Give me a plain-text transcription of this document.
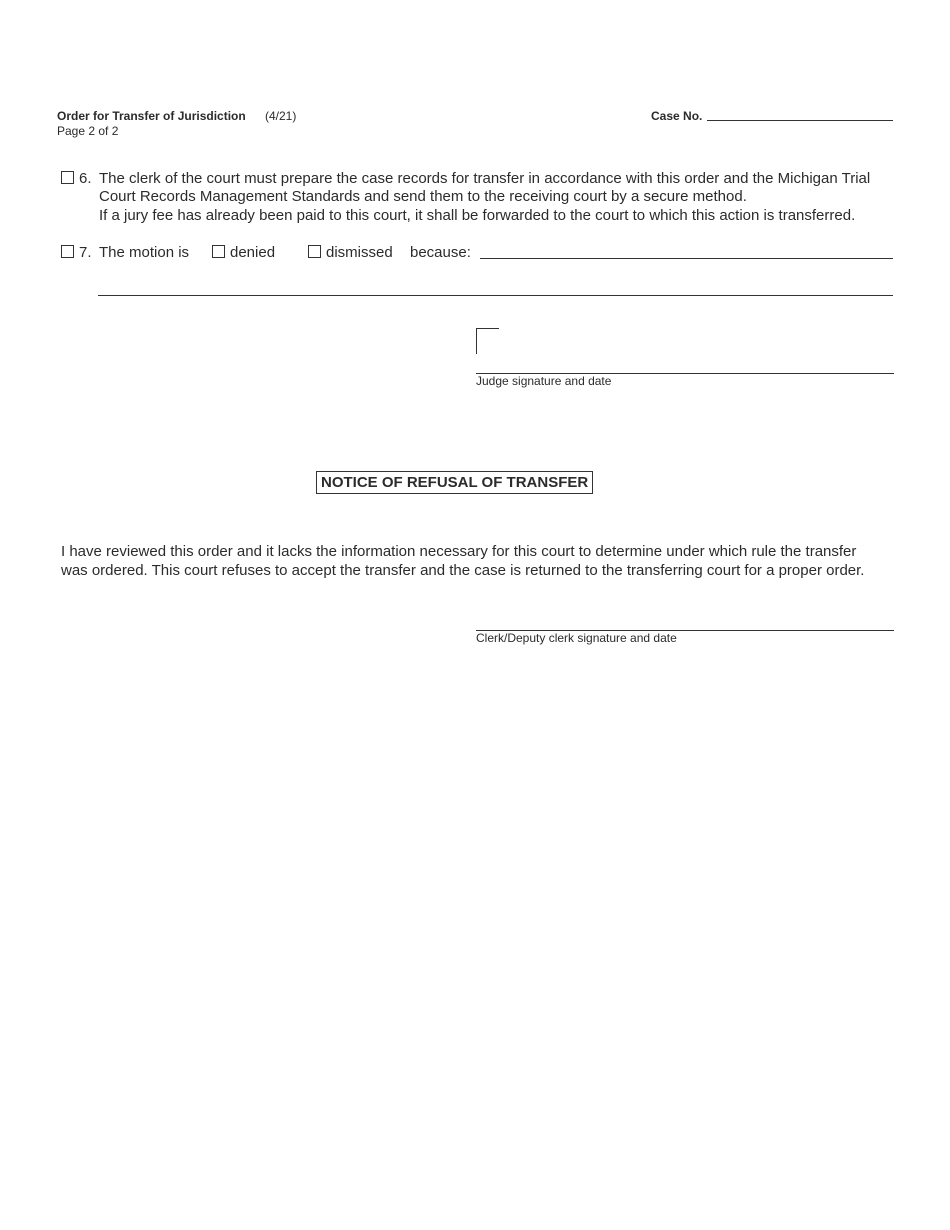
Order for Transfer of Jurisdiction (4/21)
Page 2 of 2
Case No.
6. The clerk of the court must prepare the case records for transfer in accordance with this order and the Michigan Trial
Court Records Management Standards and send them to the receiving court by a secure method.
If a jury fee has already been paid to this court, it shall be forwarded to the court to which this action is transferred.
7. The motion is	denied	dismissed because:
Judge signature and date
NOTICE OF REFUSAL OF TRANSFER
I have reviewed this order and it lacks the information necessary for this court to determine under which rule the transfer
was ordered. This court refuses to accept the transfer and the case is returned to the transferring court for a proper order.
Clerk/Deputy clerk signature and date
